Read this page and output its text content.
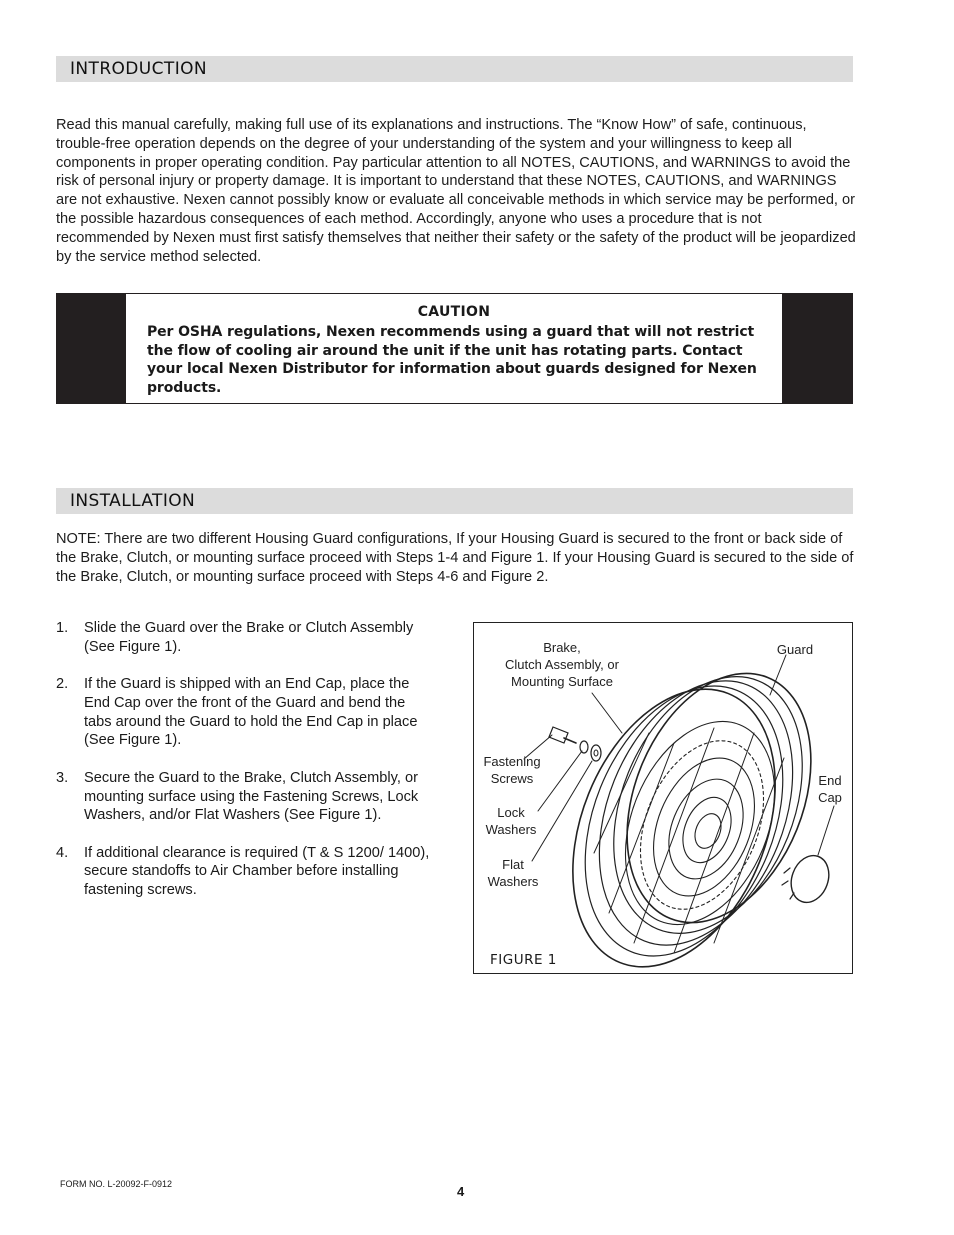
INTRODUCTION

Read this manual carefully, making full use of its explanations and instructions. The “Know How” of safe, continuous, trouble-free operation depends on the degree of your understanding of the system and your willingness to keep all components in proper operating condition. Pay particular attention to all NOTES, CAUTIONS, and WARNINGS to avoid the risk of personal injury or property damage. It is important to understand that these NOTES, CAUTIONS, and WARNINGS are not exhaustive. Nexen cannot possibly know or evaluate all conceivable methods in which service may be performed, or the possible hazardous consequences of each method. Accordingly, anyone who uses a procedure that is not recommended by Nexen must first satisfy themselves that neither their safety or the safety of the product will be jeopardized by the service method selected.

CAUTION

Per OSHA regulations, Nexen recommends using a guard that will not restrict the flow of cooling air around the unit if the unit has rotating parts. Contact your local Nexen Distributor for information about guards designed for Nexen products.

INSTALLATION

NOTE: There are two different Housing Guard configurations, If your Housing Guard is secured to the front or back side of the Brake, Clutch, or mounting surface proceed with Steps 1-4 and Figure 1. If your Housing Guard is secured to the side of the Brake, Clutch, or mounting surface proceed with Steps 4-6 and Figure 2.

1. Slide the Guard over the Brake or Clutch Assembly (See Figure 1).
2. If the Guard is shipped with an End Cap, place the End Cap over the front of the Guard and bend the tabs around the Guard to hold the End Cap in place (See Figure 1).
3. Secure the Guard to the Brake, Clutch Assembly, or mounting surface using the Fastening Screws, Lock Washers, and/or Flat Washers (See Figure 1).
4. If additional clearance is required (T & S 1200/ 1400), secure standoffs to Air Chamber before installing fastening screws.
Brake,
Clutch Assembly, or
Mounting Surface
Guard
Fastening
Screws	End
Cap
Lock
Washers
Flat
Washers
FIGURE 1
FORM NO. L-20092-F-0912	4
